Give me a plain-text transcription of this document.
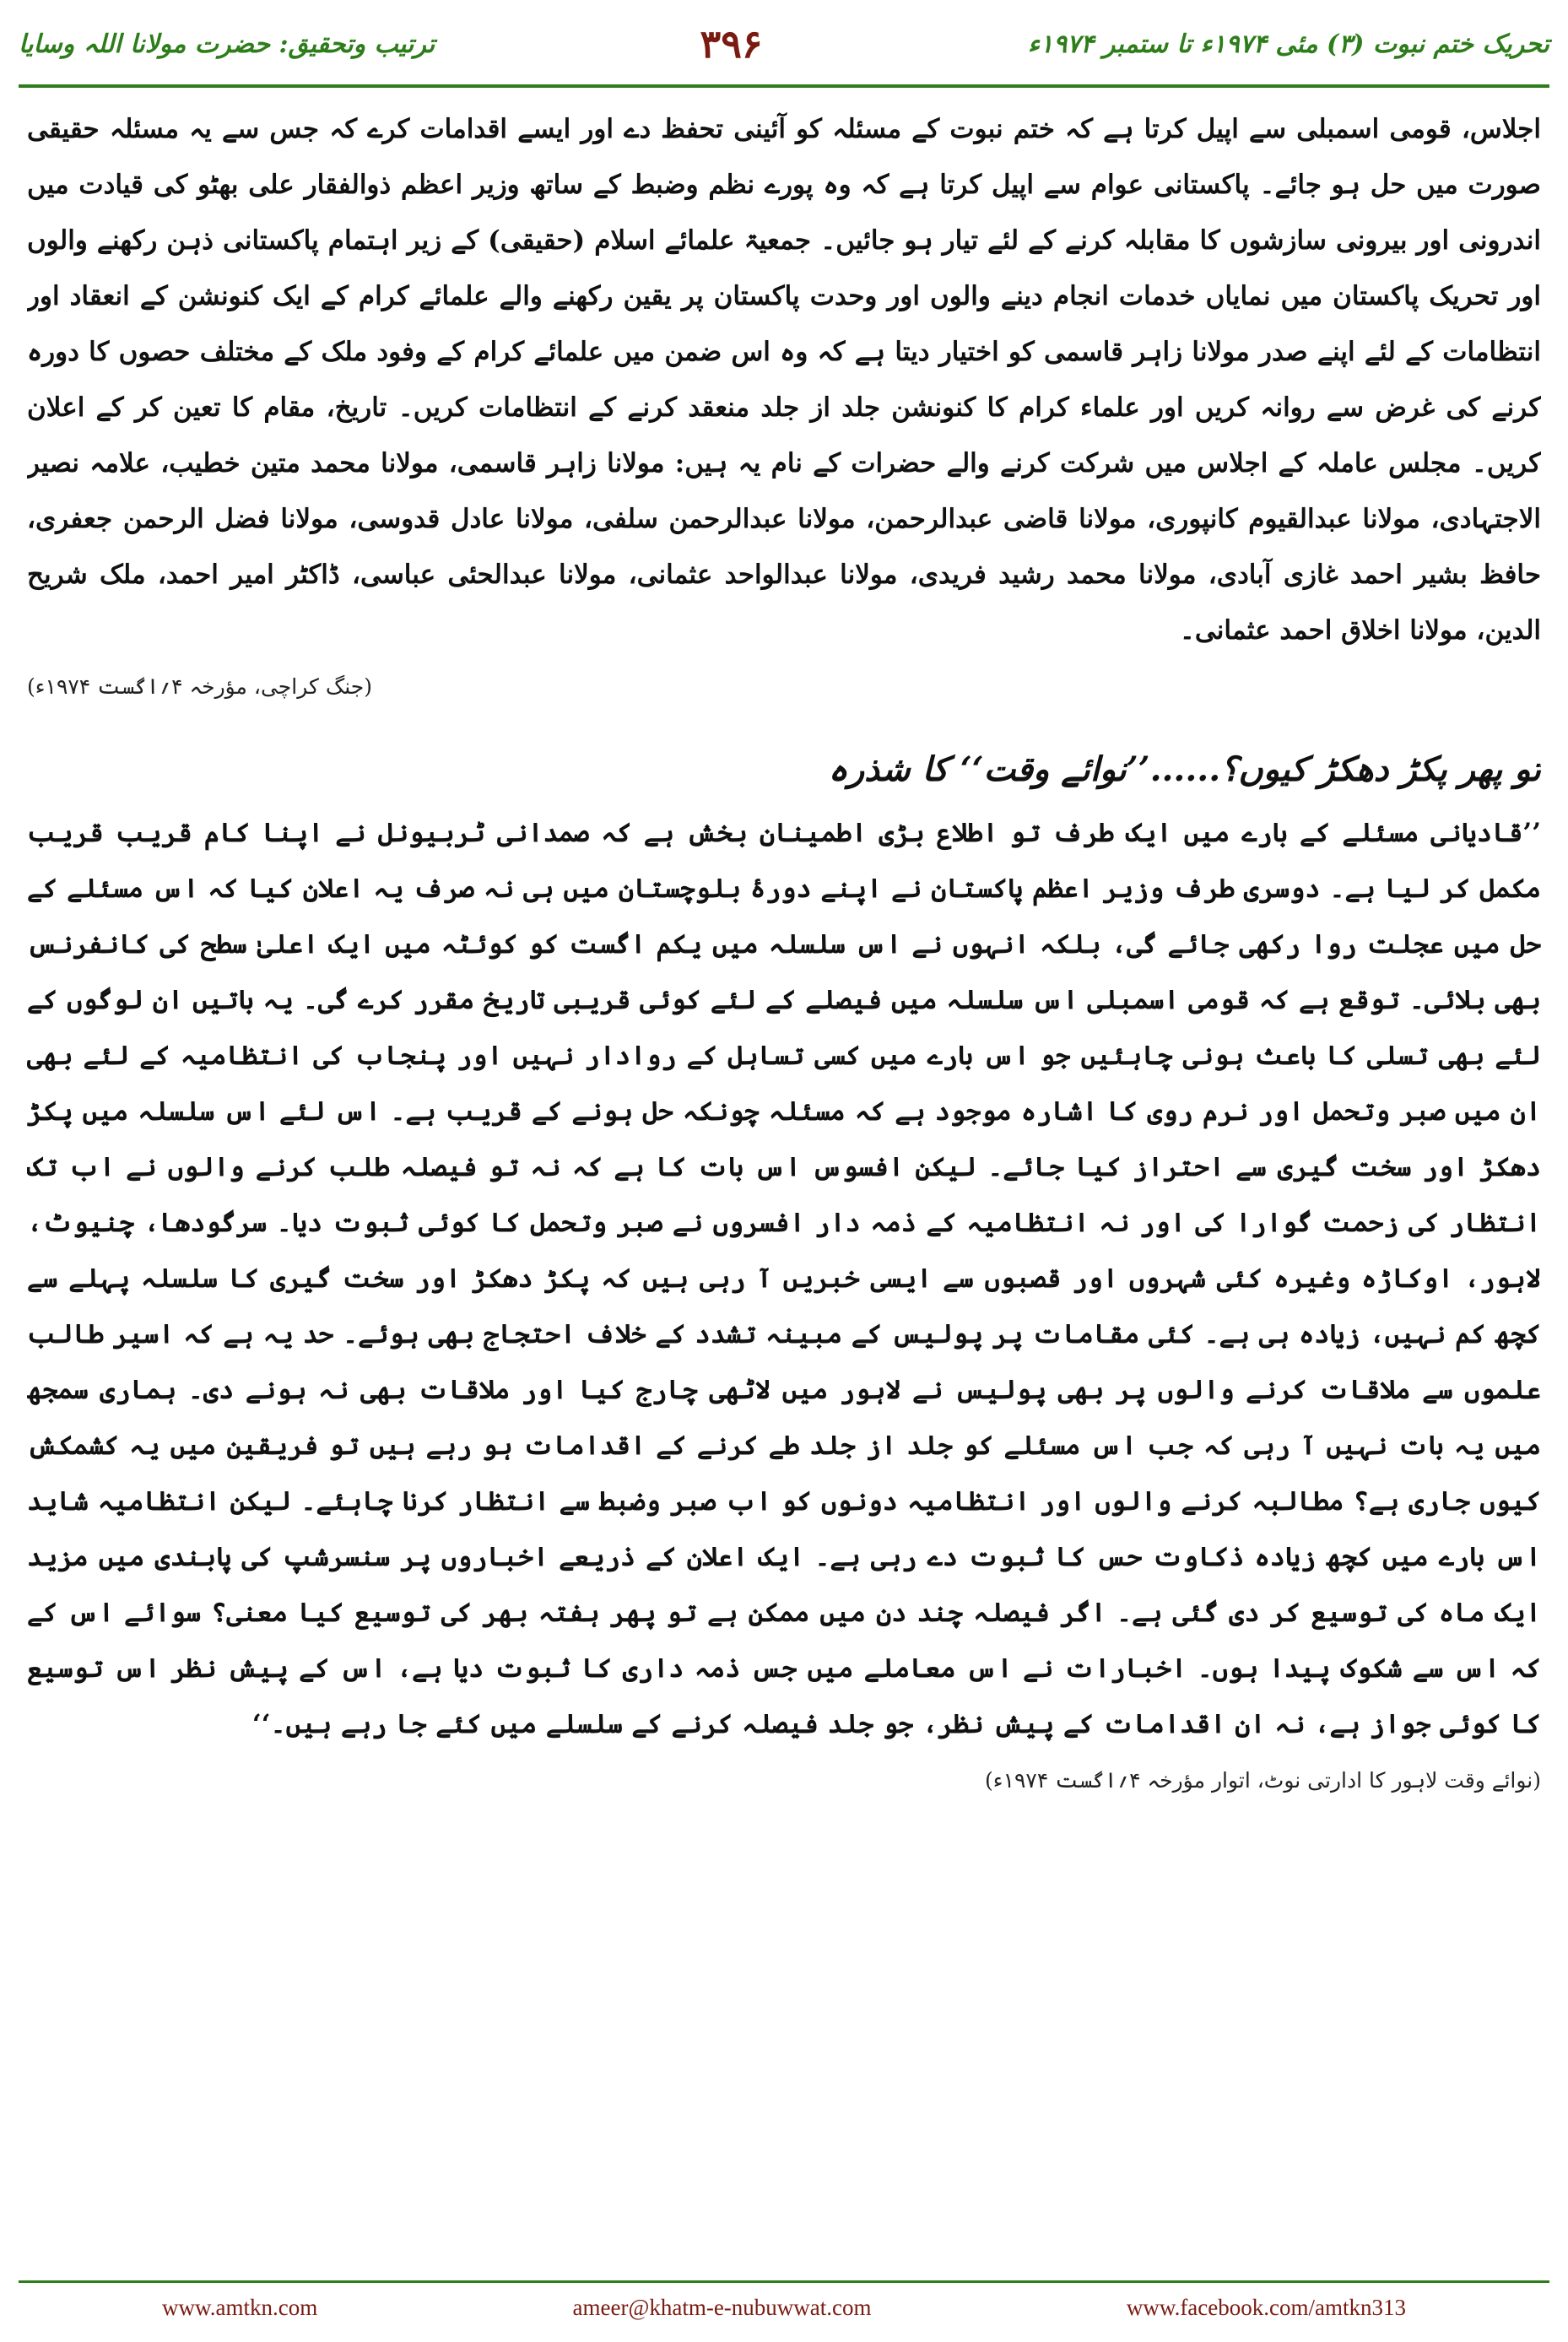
ترتیب وتحقیق: حضرت مولانا اللہ وسایا	۳۹۶	تحریک ختم نبوت (۳) مئی ۱۹۷۴ء تا ستمبر ۱۹۷۴ء

اجلاس، قومی اسمبلی سے اپیل کرتا ہے کہ ختم نبوت کے مسئلہ کو آئینی تحفظ دے اور ایسے اقدامات کرے کہ جس سے یہ مسئلہ حقیقی صورت میں حل ہو جائے۔ پاکستانی عوام سے اپیل کرتا ہے کہ وہ پورے نظم وضبط کے ساتھ وزیر اعظم ذوالفقار علی بھٹو کی قیادت میں اندرونی اور بیرونی سازشوں کا مقابلہ کرنے کے لئے تیار ہو جائیں۔ جمعیۃ علمائے اسلام (حقیقی) کے زیر اہتمام پاکستانی ذہن رکھنے والوں اور تحریک پاکستان میں نمایاں خدمات انجام دینے والوں اور وحدت پاکستان پر یقین رکھنے والے علمائے کرام کے ایک کنونشن کے انعقاد اور انتظامات کے لئے اپنے صدر مولانا زاہر قاسمی کو اختیار دیتا ہے کہ وہ اس ضمن میں علمائے کرام کے وفود ملک کے مختلف حصوں کا دورہ کرنے کی غرض سے روانہ کریں اور علماء کرام کا کنونشن جلد از جلد منعقد کرنے کے انتظامات کریں۔ تاریخ، مقام کا تعین کر کے اعلان کریں۔ مجلس عاملہ کے اجلاس میں شرکت کرنے والے حضرات کے نام یہ ہیں: مولانا زاہر قاسمی، مولانا محمد متین خطیب، علامہ نصیر الاجتہادی، مولانا عبدالقیوم کانپوری، مولانا قاضی عبدالرحمن، مولانا عبدالرحمن سلفی، مولانا عادل قدوسی، مولانا فضل الرحمن جعفری، حافظ بشیر احمد غازی آبادی، مولانا محمد رشید فریدی، مولانا عبدالواحد عثمانی، مولانا عبدالحئی عباسی، ڈاکٹر امیر احمد، ملک شریح الدین، مولانا اخلاق احمد عثمانی۔

(جنگ کراچی، مؤرخہ ۴؍اگست ۱۹۷۴ء)

تو پھر پکڑ دھکڑ کیوں؟......’’نوائے وقت‘‘ کا شذرہ

’’قادیانی مسئلے کے بارے میں ایک طرف تو اطلاع بڑی اطمینان بخش ہے کہ صمدانی ٹربیونل نے اپنا کام قریب قریب مکمل کر لیا ہے۔ دوسری طرف وزیر اعظم پاکستان نے اپنے دورۂ بلوچستان میں ہی نہ صرف یہ اعلان کیا کہ اس مسئلے کے حل میں عجلت روا رکھی جائے گی، بلکہ انہوں نے اس سلسلہ میں یکم اگست کو کوئٹہ میں ایک اعلیٰ سطح کی کانفرنس بھی بلائی۔ توقع ہے کہ قومی اسمبلی اس سلسلہ میں فیصلے کے لئے کوئی قریبی تاریخ مقرر کرے گی۔ یہ باتیں ان لوگوں کے لئے بھی تسلی کا باعث ہونی چاہئیں جو اس بارے میں کسی تساہل کے روادار نہیں اور پنجاب کی انتظامیہ کے لئے بھی ان میں صبر وتحمل اور نرم روی کا اشارہ موجود ہے کہ مسئلہ چونکہ حل ہونے کے قریب ہے۔ اس لئے اس سلسلہ میں پکڑ دھکڑ اور سخت گیری سے احتراز کیا جائے۔ لیکن افسوس اس بات کا ہے کہ نہ تو فیصلہ طلب کرنے والوں نے اب تک انتظار کی زحمت گوارا کی اور نہ انتظامیہ کے ذمہ دار افسروں نے صبر وتحمل کا کوئی ثبوت دیا۔ سرگودھا، چنیوٹ، لاہور، اوکاڑہ وغیرہ کئی شہروں اور قصبوں سے ایسی خبریں آ رہی ہیں کہ پکڑ دھکڑ اور سخت گیری کا سلسلہ پہلے سے کچھ کم نہیں، زیادہ ہی ہے۔ کئی مقامات پر پولیس کے مبینہ تشدد کے خلاف احتجاج بھی ہوئے۔ حد یہ ہے کہ اسیر طالب علموں سے ملاقات کرنے والوں پر بھی پولیس نے لاہور میں لاٹھی چارج کیا اور ملاقات بھی نہ ہونے دی۔ ہماری سمجھ میں یہ بات نہیں آ رہی کہ جب اس مسئلے کو جلد از جلد طے کرنے کے اقدامات ہو رہے ہیں تو فریقین میں یہ کشمکش کیوں جاری ہے؟ مطالبہ کرنے والوں اور انتظامیہ دونوں کو اب صبر وضبط سے انتظار کرنا چاہئے۔ لیکن انتظامیہ شاید اس بارے میں کچھ زیادہ ذکاوت حس کا ثبوت دے رہی ہے۔ ایک اعلان کے ذریعے اخباروں پر سنسرشپ کی پابندی میں مزید ایک ماہ کی توسیع کر دی گئی ہے۔ اگر فیصلہ چند دن میں ممکن ہے تو پھر ہفتہ بھر کی توسیع کیا معنی؟ سوائے اس کے کہ اس سے شکوک پیدا ہوں۔ اخبارات نے اس معاملے میں جس ذمہ داری کا ثبوت دیا ہے، اس کے پیش نظر اس توسیع کا کوئی جواز ہے، نہ ان اقدامات کے پیش نظر، جو جلد فیصلہ کرنے کے سلسلے میں کئے جا رہے ہیں۔‘‘

(نوائے وقت لاہور کا ادارتی نوٹ، اتوار مؤرخہ ۴؍اگست ۱۹۷۴ء)

www.amtkn.com	ameer@khatm-e-nubuwwat.com	www.facebook.com/amtkn313
